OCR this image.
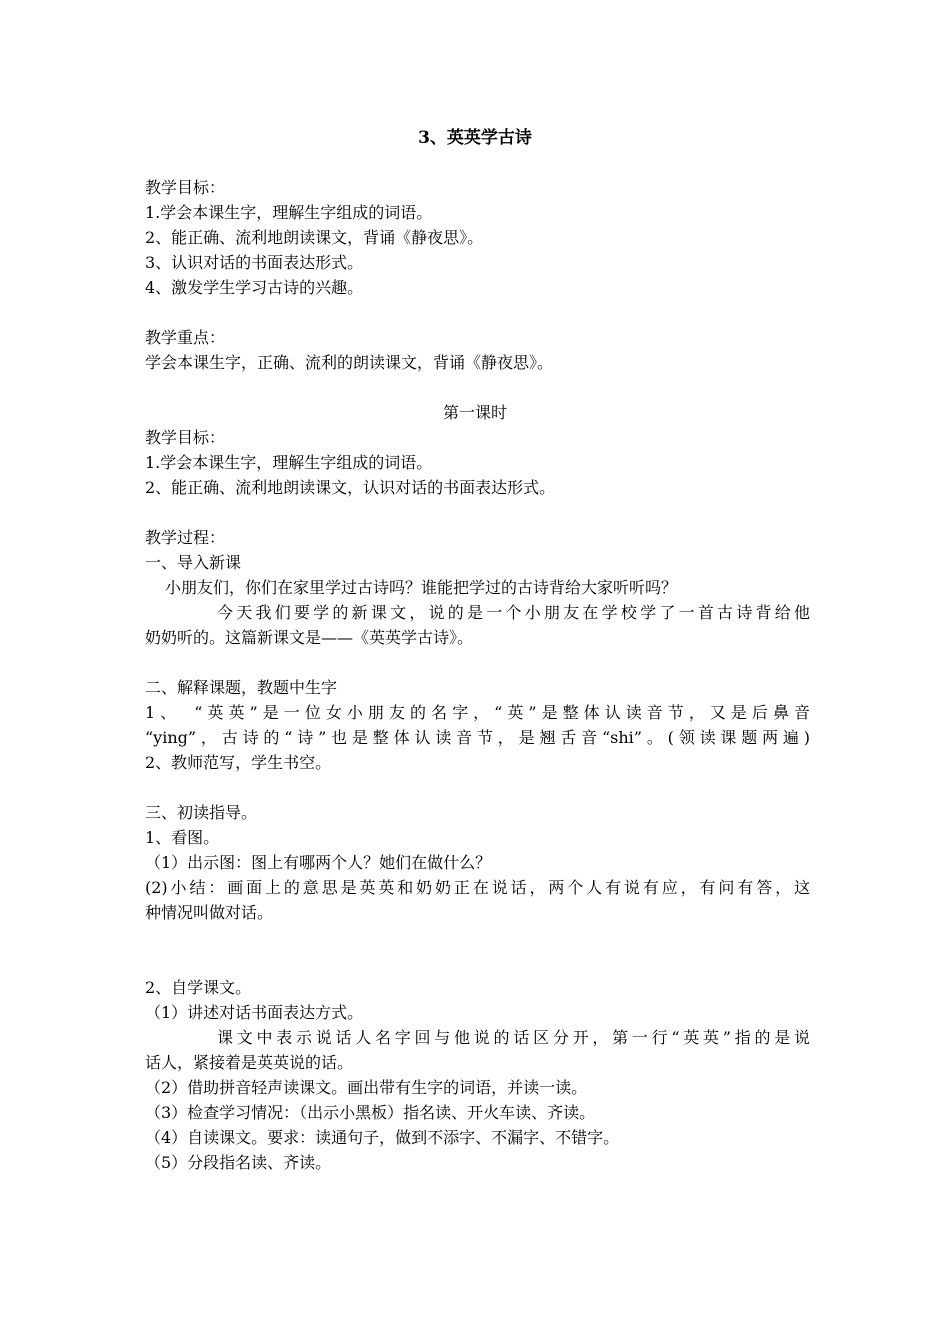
3、英英学古诗
教学目标：
1.学会本课生字，理解生字组成的词语。
2、能正确、流利地朗读课文，背诵《静夜思》。
3、认识对话的书面表达形式。
4、激发学生学习古诗的兴趣。
教学重点：
学会本课生字，正确、流利的朗读课文，背诵《静夜思》。
第一课时
教学目标：
1.学会本课生字，理解生字组成的词语。
2、能正确、流利地朗读课文，认识对话的书面表达形式。
教学过程：
一、导入新课
小朋友们，你们在家里学过古诗吗？谁能把学过的古诗背给大家听听吗？
今天我们要学的新课文，说的是一个小朋友在学校学了一首古诗背给他
奶奶听的。这篇新课文是——《英英学古诗》。
二、解释课题，教题中生字
1、　“英英”是一位女小朋友的名字，“英”是整体认读音节，又是后鼻音
“ying”，古诗的“诗”也是整体认读音节，是翘舌音“shi”。(领读课题两遍)
2、教师范写，学生书空。
三、初读指导。
1、看图。
（1）出示图：图上有哪两个人？她们在做什么？
(2)小结：画面上的意思是英英和奶奶正在说话，两个人有说有应，有问有答，这
种情况叫做对话。
2、自学课文。
（1）讲述对话书面表达方式。
课文中表示说话人名字回与他说的话区分开，第一行“英英”指的是说
话人，紧接着是英英说的话。
（2）借助拼音轻声读课文。画出带有生字的词语，并读一读。
（3）检查学习情况：（出示小黑板）指名读、开火车读、齐读。
（4）自读课文。要求：读通句子，做到不添字、不漏字、不错字。
（5）分段指名读、齐读。
